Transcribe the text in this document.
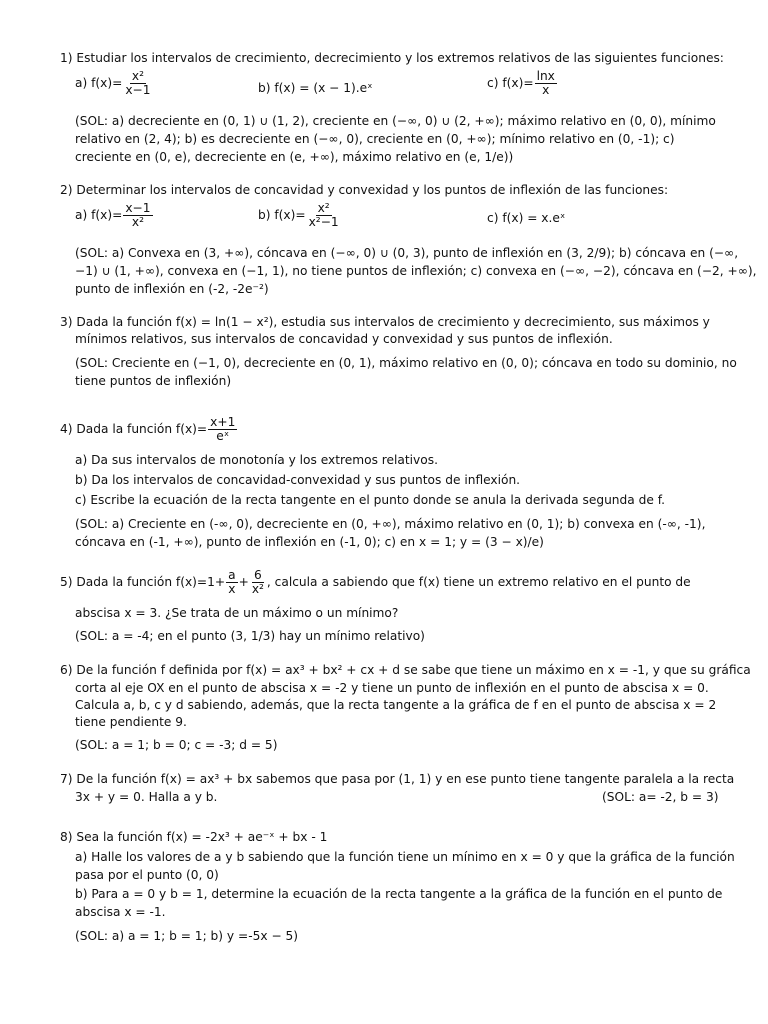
1) Estudiar los intervalos de crecimiento, decrecimiento y los extremos relativos de las siguientes funciones:
a) $f(x)= \frac{\text{x²}}{x-1}$	b) f(x) = (x − 1).eˣ	c) $f(x)= \frac{\ln x}{x}$
(SOL: a) decreciente en (0, 1) ∪ (1, 2), creciente en (−∞, 0) ∪ (2, +∞); máximo relativo en (0, 0), mínimo
relativo en (2, 4); b) es decreciente en (−∞, 0), creciente en (0, +∞); mínimo relativo en (0, -1); c)
creciente en (0, e), decreciente en (e, +∞), máximo relativo en (e, 1/e))
2) Determinar los intervalos de concavidad y convexidad y los puntos de inflexión de las funciones:
a) $f(x)= \frac{x-1}{\text{x²}}$	b) $f(x)= \frac{\text{x²}}{\text{x²−1}}$	c) f(x) = x.eˣ
(SOL: a) Convexa en (3, +∞), cóncava en (−∞, 0) ∪ (0, 3), punto de inflexión en (3, 2/9); b) cóncava en (−∞,
−1) ∪ (1, +∞), convexa en (−1, 1), no tiene puntos de inflexión; c) convexa en (−∞, −2), cóncava en (−2, +∞),
punto de inflexión en (-2, -2e⁻²)
3) Dada la función f(x) = ln(1 − x²), estudia sus intervalos de crecimiento y decrecimiento, sus máximos y
mínimos relativos, sus intervalos de concavidad y convexidad y sus puntos de inflexión.
(SOL: Creciente en (−1, 0), decreciente en (0, 1), máximo relativo en (0, 0); cóncava en todo su dominio, no
tiene puntos de inflexión)
4) Dada la función $f(x)= \frac{x+1}{\text{eˣ}}$
a) Da sus intervalos de monotonía y los extremos relativos.
b) Da los intervalos de concavidad-convexidad y sus puntos de inflexión.
c) Escribe la ecuación de la recta tangente en el punto donde se anula la derivada segunda de f.
(SOL: a) Creciente en (-∞, 0), decreciente en (0, +∞), máximo relativo en (0, 1); b) convexa en (-∞, -1),
cóncava en (-1, +∞), punto de inflexión en (-1, 0); c) en x = 1; y = (3 − x)/e)
5) Dada la función $f(x)=1+ \frac{a}{x} + \frac{6}{\text{x²}}$ , calcula a sabiendo que f(x) tiene un extremo relativo en el punto de
abscisa x = 3. ¿Se trata de un máximo o un mínimo?
(SOL: a = -4; en el punto (3, 1/3) hay un mínimo relativo)
6) De la función f definida por f(x) = ax³ + bx² + cx + d se sabe que tiene un máximo en x = -1, y que su gráfica
corta al eje OX en el punto de abscisa x = -2 y tiene un punto de inflexión en el punto de abscisa x = 0.
Calcula a, b, c y d sabiendo, además, que la recta tangente a la gráfica de f en el punto de abscisa x = 2
tiene pendiente 9.
(SOL: a = 1; b = 0; c = -3; d = 5)
7) De la función f(x) = ax³ + bx sabemos que pasa por (1, 1) y en ese punto tiene tangente paralela a la recta
3x + y = 0. Halla a y b.	(SOL: a= -2, b = 3)
8) Sea la función f(x) = -2x³ + ae⁻ˣ + bx - 1
a) Halle los valores de a y b sabiendo que la función tiene un mínimo en x = 0 y que la gráfica de la función
pasa por el punto (0, 0)
b) Para a = 0 y b = 1, determine la ecuación de la recta tangente a la gráfica de la función en el punto de
abscisa x = -1.
(SOL: a) a = 1; b = 1; b) y =-5x − 5)
